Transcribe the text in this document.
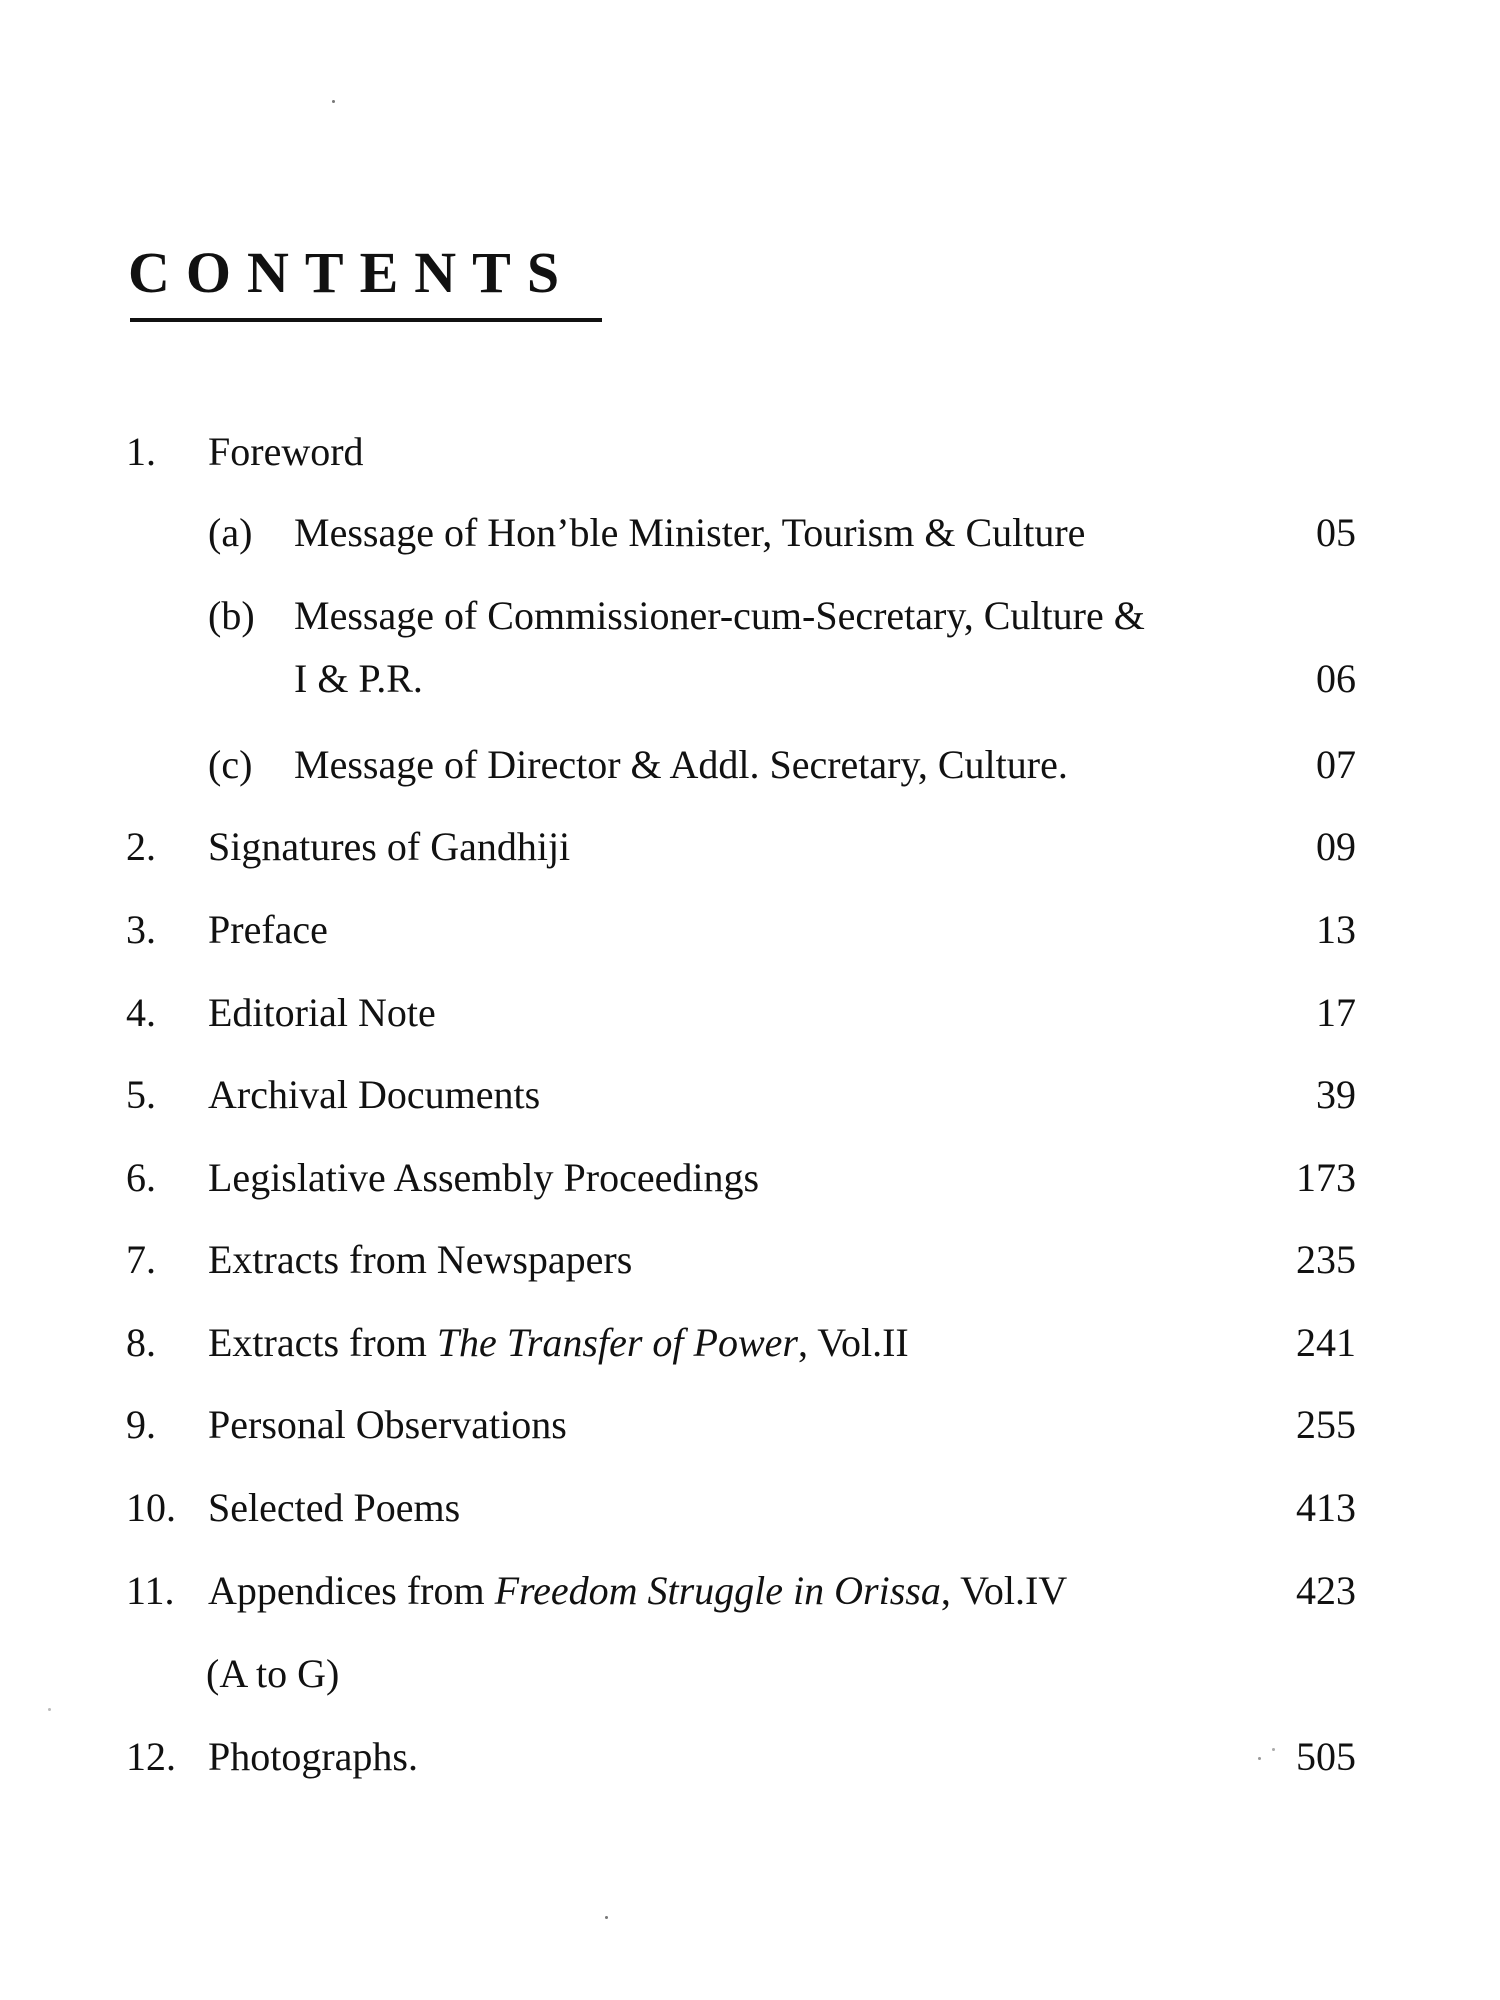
CONTENTS
1. Foreword
(a) Message of Hon’ble Minister, Tourism & Culture	05
(b) Message of Commissioner-cum-Secretary, Culture &
I & P.R.	06
(c) Message of Director & Addl. Secretary, Culture.	07
2. Signatures of Gandhiji	09
3. Preface	13
4. Editorial Note	17
5. Archival Documents	39
6. Legislative Assembly Proceedings	173
7. Extracts from Newspapers	235
8. Extracts from The Transfer of Power, Vol.II	241
9. Personal Observations	255
10. Selected Poems	413
11. Appendices from Freedom Struggle in Orissa, Vol.IV	423
(A to G)
12. Photographs.	505
